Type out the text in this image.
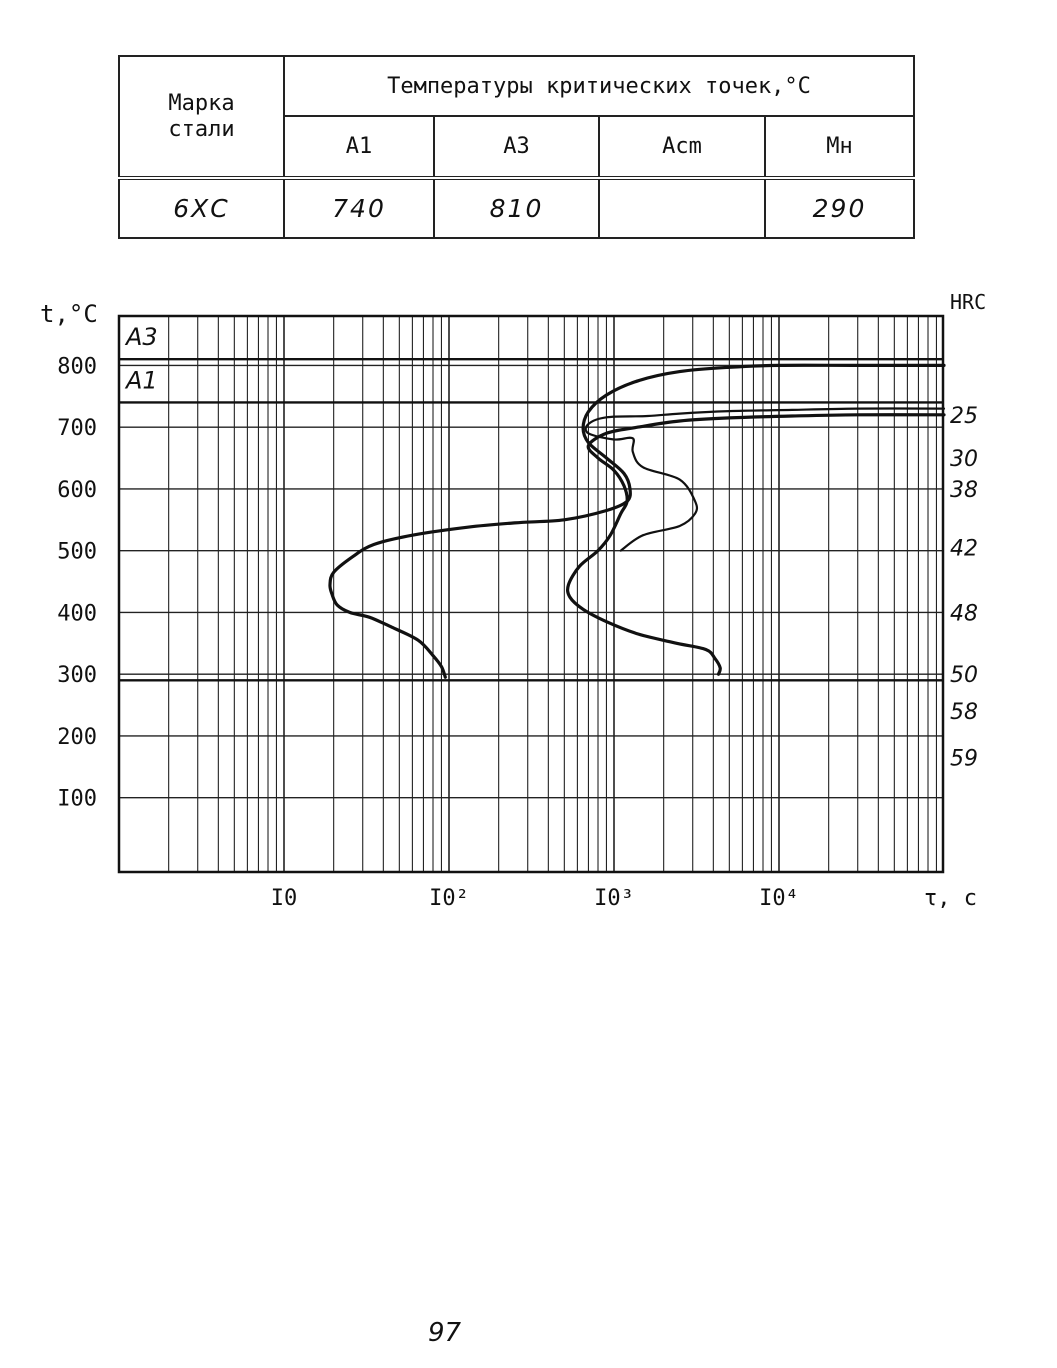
Марка стали	Температуры критических точек,°C			
	A1	A3	Acm	Mн
6ХС	740	810		290
I00
200
300
400
500
600
700
800
I0	I0²	I0³	I0⁴
A3
A1
25
30
38
42
48
50
58
59
t,°C
τ, c
HRC
97
